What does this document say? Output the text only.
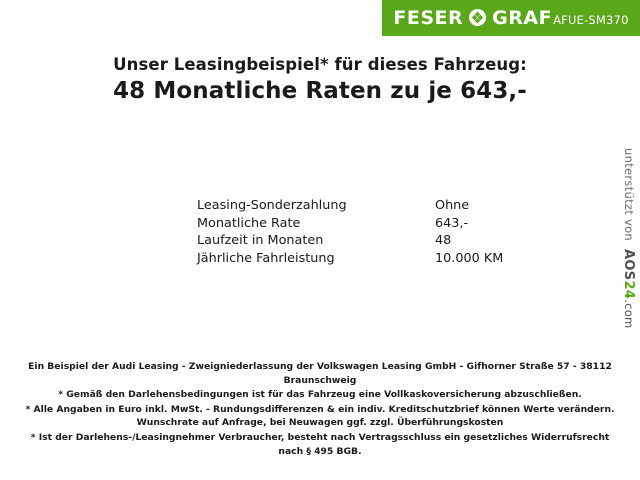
FESER GRAF AFUE-SM370

Unser Leasingbeispiel* für dieses Fahrzeug:

48 Monatliche Raten zu je 643,-

Leasing-Sonderzahlung	Ohne
Monatliche Rate	643,-
Laufzeit in Monaten	48
Jährliche Fahrleistung	10.000 KM
unterstützt von
A
O
S
24
.com

Ein Beispiel der Audi Leasing - Zweigniederlassung der Volkswagen Leasing GmbH - Gifhorner Straße 57 - 38112 Braunschweig

* Gemäß den Darlehensbedingungen ist für das Fahrzeug eine Vollkaskoversicherung abzuschließen.

* Alle Angaben in Euro inkl. MwSt. - Rundungsdifferenzen & ein indiv. Kreditschutzbrief können Werte verändern. Wunschrate auf Anfrage, bei Neuwagen ggf. zzgl. Überführungskosten

* Ist der Darlehens-/Leasingnehmer Verbraucher, besteht nach Vertragsschluss ein gesetzliches Widerrufsrecht nach § 495 BGB.
